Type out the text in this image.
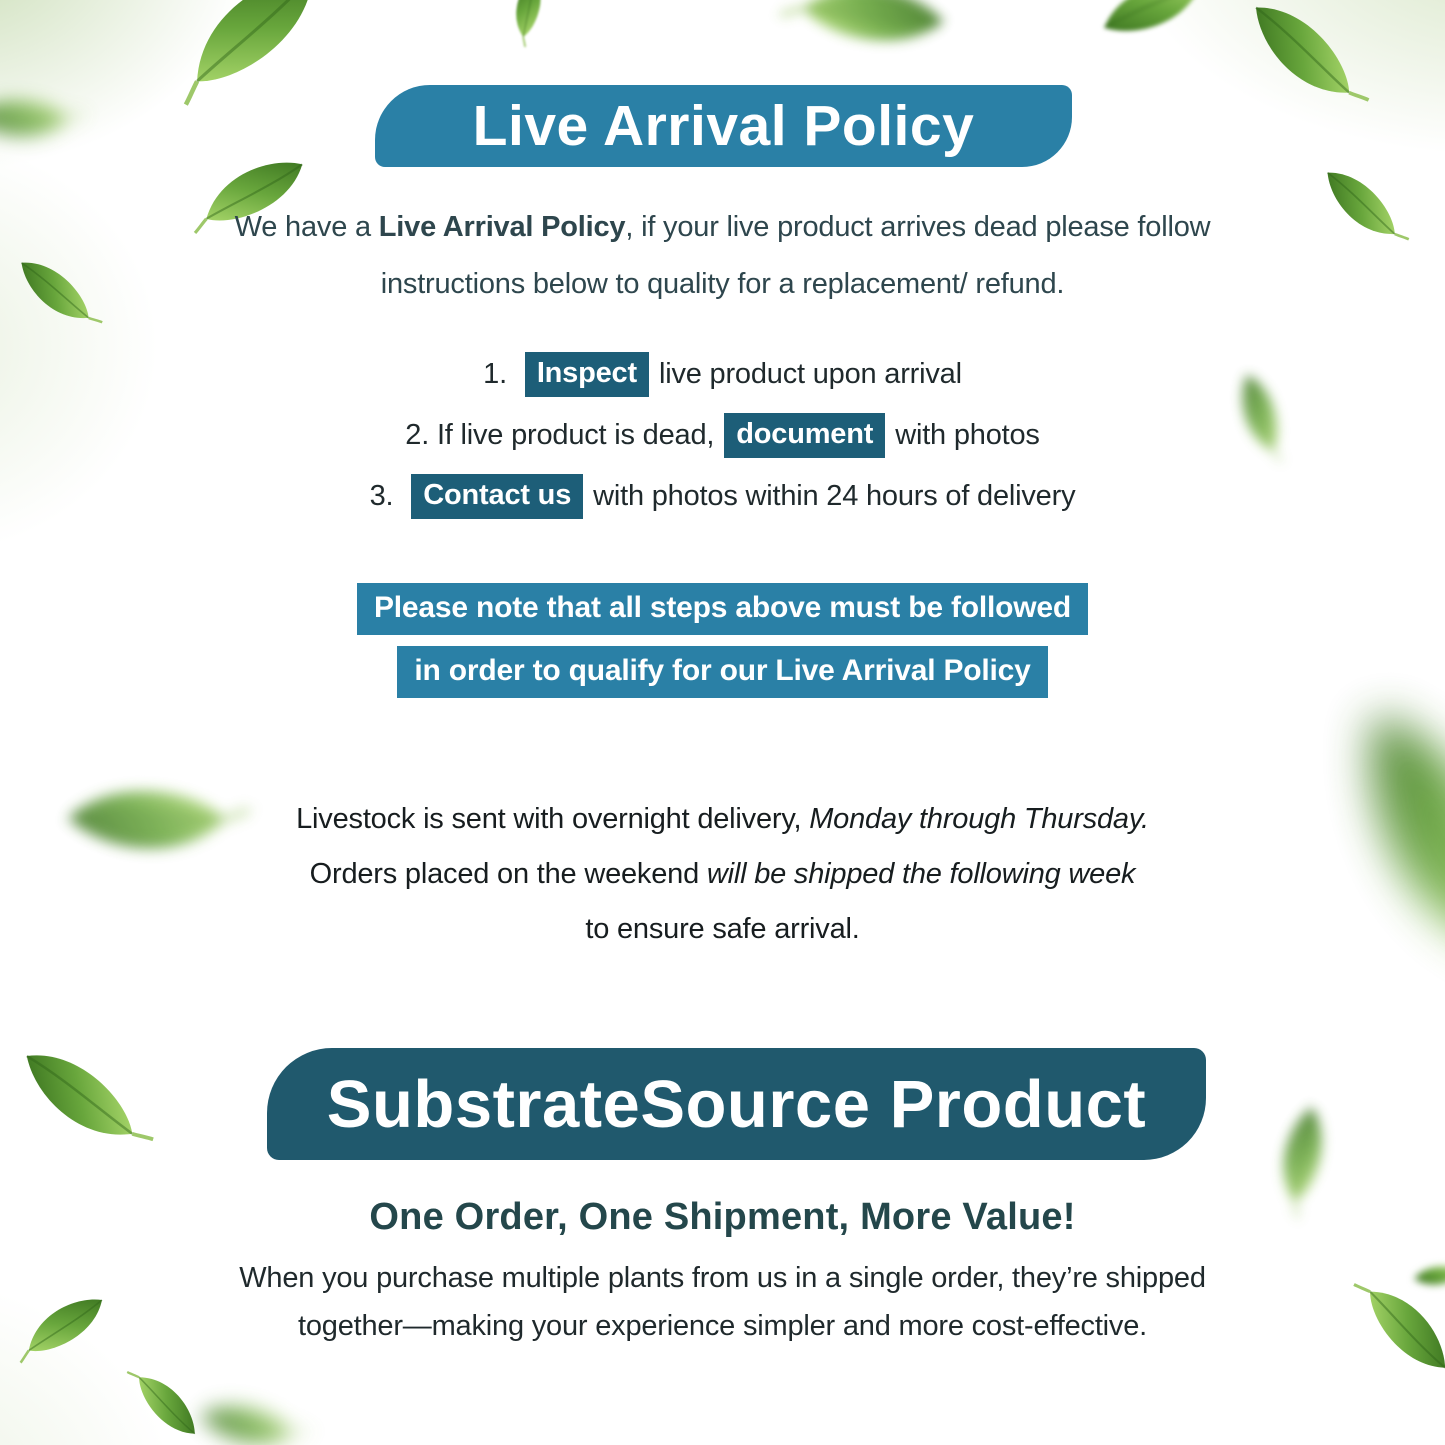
Live Arrival Policy
We have a Live Arrival Policy, if your live product arrives dead please follow
instructions below to quality for a replacement/ refund.
1.
	Inspect live product upon arrival
2.
If live product is dead, document with photos
3.
	Contact us with photos within 24 hours of delivery
Please note that all steps above must be followed
in order to qualify for our Live Arrival Policy
Livestock is sent with overnight delivery, Monday through Thursday.
Orders placed on the weekend will be shipped the following week
to ensure safe arrival.
SubstrateSource Product
One Order, One Shipment, More Value!
When you purchase multiple plants from us in a single order, they’re shipped
together—making your experience simpler and more cost-effective.
